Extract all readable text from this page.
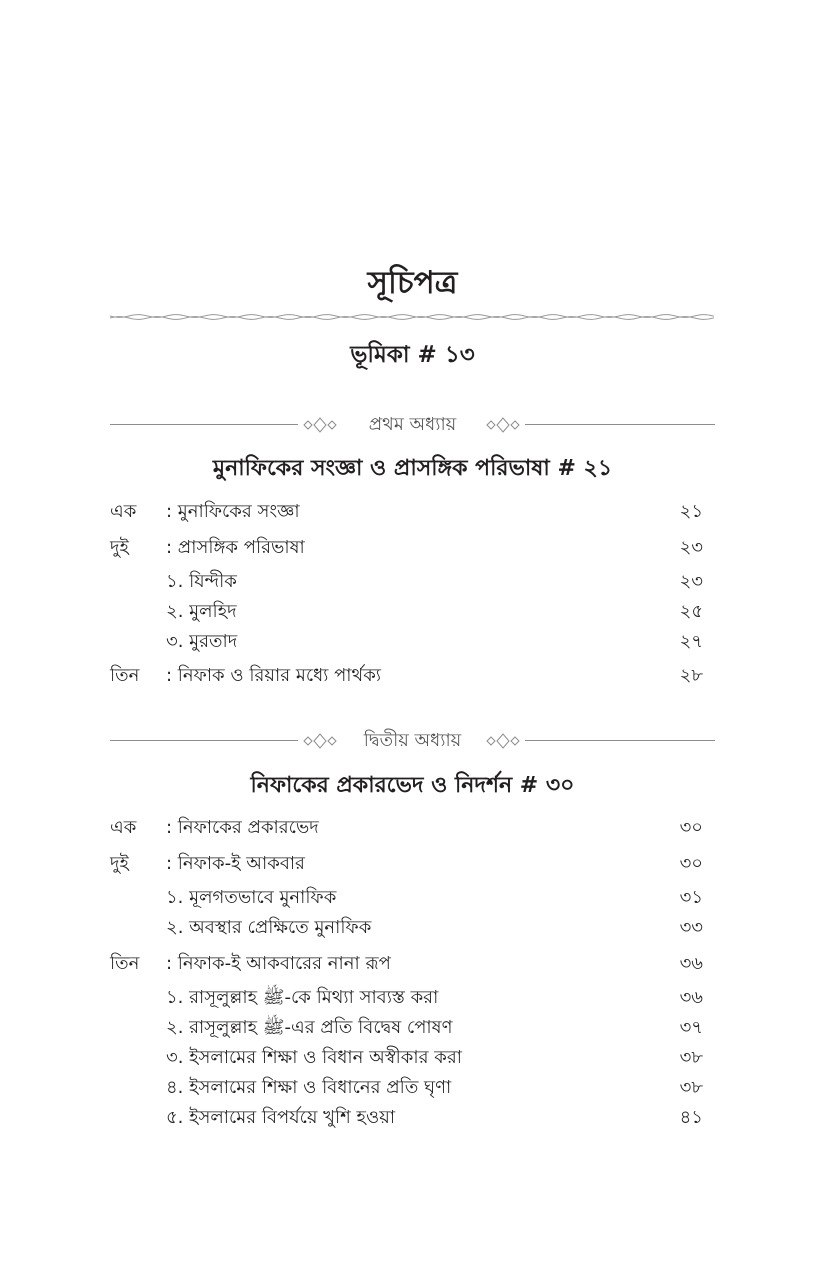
সূচিপত্র
ভূমিকা # ১৩
প্রথম অধ্যায়
মুনাফিকের সংজ্ঞা ও প্রাসঙ্গিক পরিভাষা # ২১
এক : মুনাফিকের সংজ্ঞা	২১
দুই : প্রাসঙ্গিক পরিভাষা	২৩
১. যিন্দীক	২৩
২. মুলহিদ	২৫
৩. মুরতাদ	২৭
তিন : নিফাক ও রিয়ার মধ্যে পার্থক্য	২৮
দ্বিতীয় অধ্যায়
নিফাকের প্রকারভেদ ও নিদর্শন # ৩০
এক : নিফাকের প্রকারভেদ	৩০
দুই : নিফাক-ই আকবার	৩০
১. মূলগতভাবে মুনাফিক	৩১
২. অবস্থার প্রেক্ষিতে মুনাফিক	৩৩
তিন : নিফাক-ই আকবারের নানা রূপ	৩৬
১. রাসূলুল্লাহ ﷺ-কে মিথ্যা সাব্যস্ত করা	৩৬
২. রাসূলুল্লাহ ﷺ-এর প্রতি বিদ্বেষ পোষণ	৩৭
৩. ইসলামের শিক্ষা ও বিধান অস্বীকার করা	৩৮
৪. ইসলামের শিক্ষা ও বিধানের প্রতি ঘৃণা	৩৮
৫. ইসলামের বিপর্যয়ে খুশি হওয়া	৪১
